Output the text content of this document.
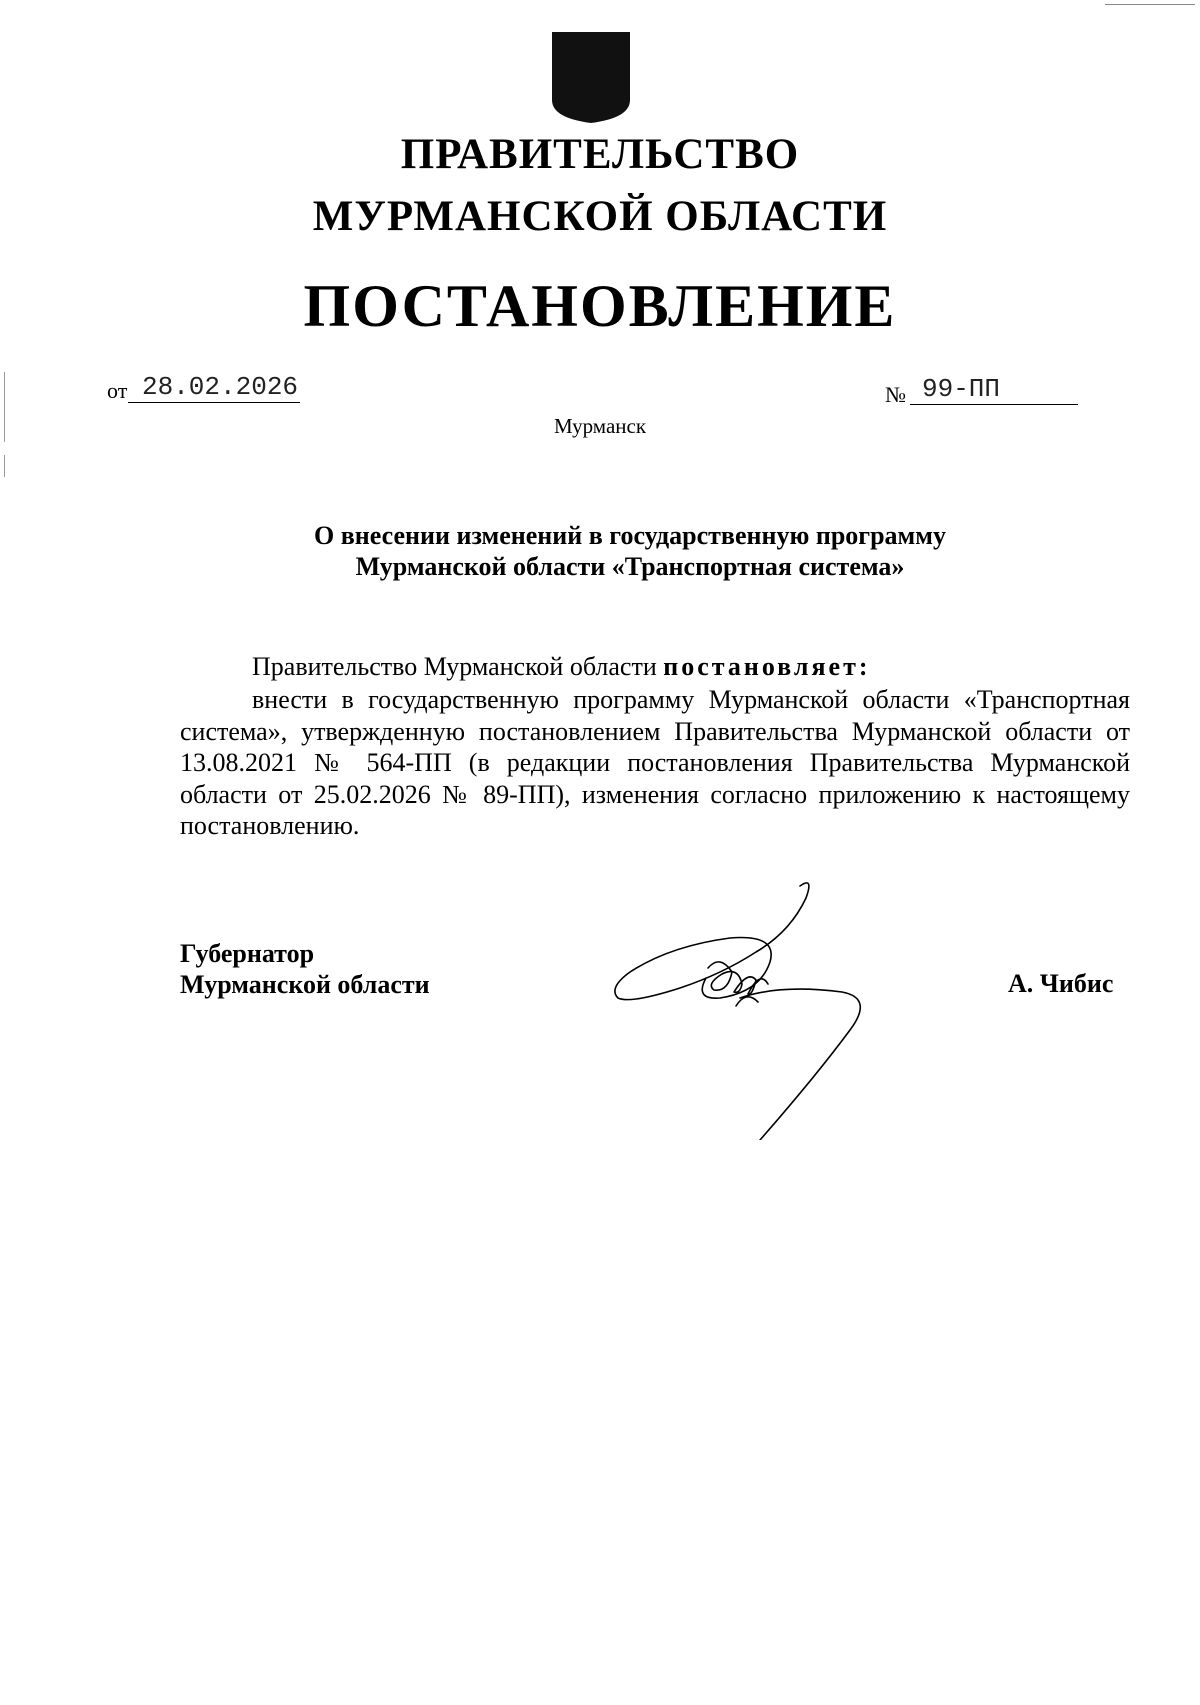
ПРАВИТЕЛЬСТВО
МУРМАНСКОЙ ОБЛАСТИ
ПОСТАНОВЛЕНИЕ
от 28.02.2026	№ 99-ПП
Мурманск
О внесении изменений в государственную программу
Мурманской области «Транспортная система»
Правительство Мурманской области постановляет:
внести в государственную программу Мурманской области «Транспортная система», утвержденную постановлением Правительства Мурманской области от 13.08.2021 № 564-ПП (в редакции постановления Правительства Мурманской области от 25.02.2026 № 89-ПП), изменения согласно приложению к настоящему постановлению.
Губернатор
Мурманской области	А. Чибис
